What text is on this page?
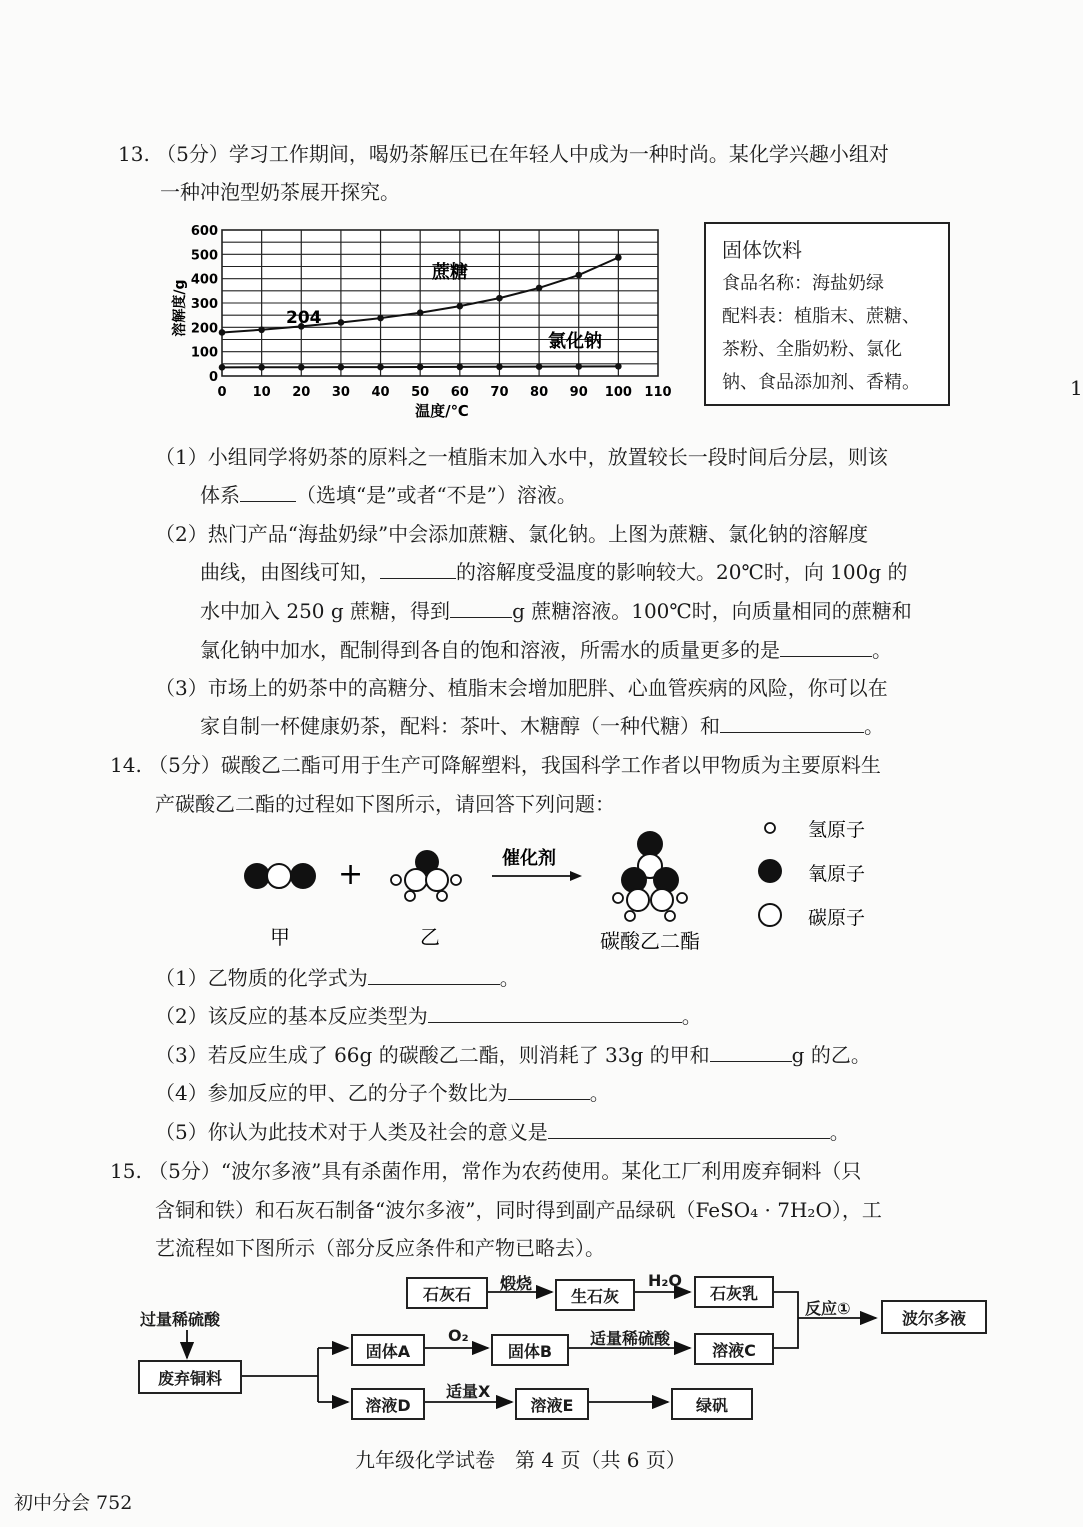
1
13. （5分）学习工作期间，喝奶茶解压已在年轻人中成为一种时尚。某化学兴趣小组对
一种冲泡型奶茶展开探究。
0 10 20 30 40 50 60 70 80 90 100 110
0
100
200
300
400
500
600
溶解度/g
温度/℃
204
蔗糖
氯化钠
固体饮料
食品名称：海盐奶绿
配料表：植脂末、蔗糖、
茶粉、全脂奶粉、氯化
钠、食品添加剂、香精。
（1）小组同学将奶茶的原料之一植脂末加入水中，放置较长一段时间后分层，则该
体系	（选填“是”或者“不是”）溶液。
（2）热门产品“海盐奶绿”中会添加蔗糖、氯化钠。上图为蔗糖、氯化钠的溶解度
曲线，由图线可知，	的溶解度受温度的影响较大。20℃时，向 100g 的
水中加入 250 g 蔗糖，得到	g 蔗糖溶液。100℃时，向质量相同的蔗糖和
氯化钠中加水，配制得到各自的饱和溶液，所需水的质量更多的是	。
（3）市场上的奶茶中的高糖分、植脂末会增加肥胖、心血管疾病的风险，你可以在
家自制一杯健康奶茶，配料：茶叶、木糖醇（一种代糖）和	。
14. （5分）碳酸乙二酯可用于生产可降解塑料，我国科学工作者以甲物质为主要原料生
产碳酸乙二酯的过程如下图所示，请回答下列问题：
+	催化剂
甲	乙	碳酸乙二酯
氢原子
氧原子
碳原子
（1）乙物质的化学式为	。
（2）该反应的基本反应类型为	。
（3）若反应生成了 66g 的碳酸乙二酯，则消耗了 33g 的甲和	g 的乙。
（4）参加反应的甲、乙的分子个数比为	。
（5）你认为此技术对于人类及社会的意义是	。
15. （5分）“波尔多液”具有杀菌作用，常作为农药使用。某化工厂利用废弃铜料（只
含铜和铁）和石灰石制备“波尔多液”，同时得到副产品绿矾（FeSO₄ · 7H₂O），工
艺流程如下图所示（部分反应条件和产物已略去）。
石灰石
煅烧
生石灰
H₂O
石灰乳
反应①	波尔多液
过量稀硫酸
废弃铜料
固体A
O₂
固体B
适量稀硫酸
溶液C
溶液D
适量X
溶液E	绿矾
九年级化学试卷　第 4 页（共 6 页）
初中分会 752
